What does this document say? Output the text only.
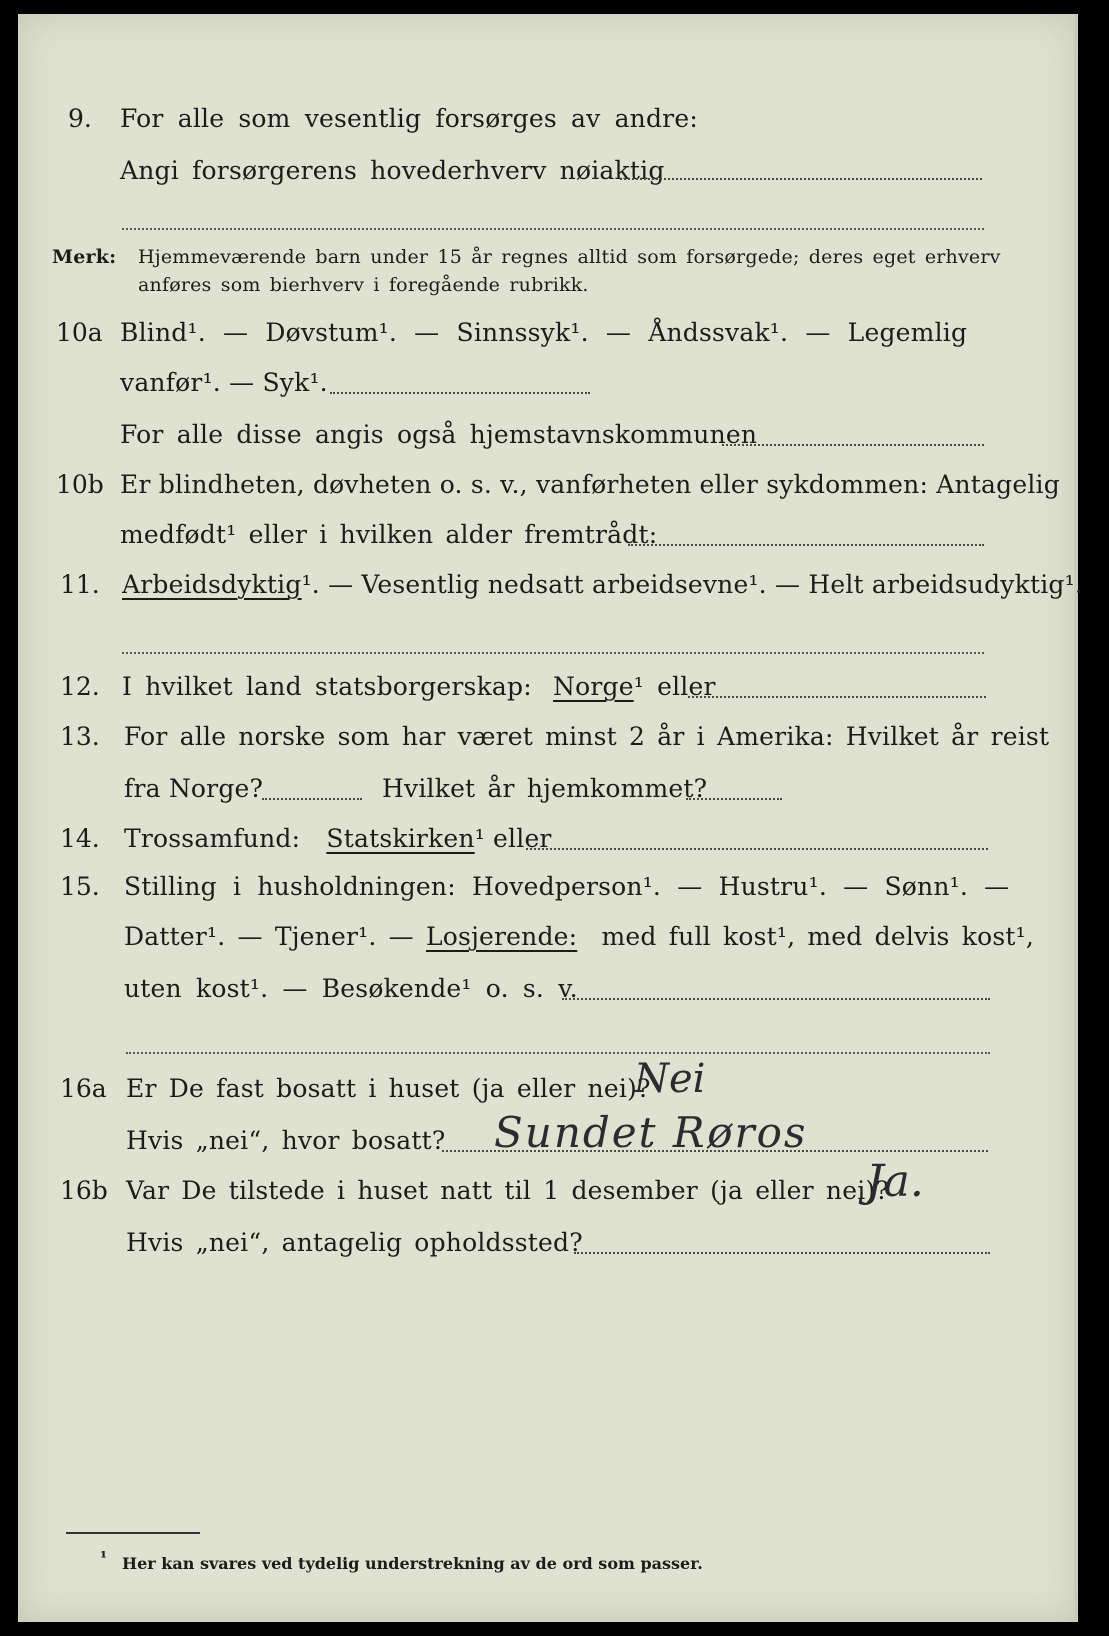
9. For alle som vesentlig forsørges av andre:
Angi forsørgerens hovederhverv nøiaktig
Merk: Hjemmeværende barn under 15 år regnes alltid som forsørgede; deres eget erhverv
anføres som bierhverv i foregående rubrikk.
10a Blind¹. — Døvstum¹. — Sinnssyk¹. — Åndssvak¹. — Legemlig
vanfør¹. — Syk¹.
For alle disse angis også hjemstavnskommunen
10b Er blindheten, døvheten o. s. v., vanførheten eller sykdommen: Antagelig
medfødt¹ eller i hvilken alder fremtrådt:
11. Arbeidsdyktig¹. — Vesentlig nedsatt arbeidsevne¹. — Helt arbeidsudyktig¹.
12. I hvilket land statsborgerskap: Norge¹ eller
13. For alle norske som har været minst 2 år i Amerika: Hvilket år reist
fra Norge?	Hvilket år hjemkommet?
14. Trossamfund: Statskirken¹ eller
15. Stilling i husholdningen: Hovedperson¹. — Hustru¹. — Sønn¹. —
Datter¹. — Tjener¹. — Losjerende: med full kost¹, med delvis kost¹,
uten kost¹. — Besøkende¹ o. s. v.
16a Er De fast bosatt i huset (ja eller nei)?
Nei
Hvis „nei“, hvor bosatt? Sundet Røros
16b Var De tilstede i huset natt til 1 desember (ja eller nei)?
Ja.
Hvis „nei“, antagelig opholdssted?
¹ Her kan svares ved tydelig understrekning av de ord som passer.
